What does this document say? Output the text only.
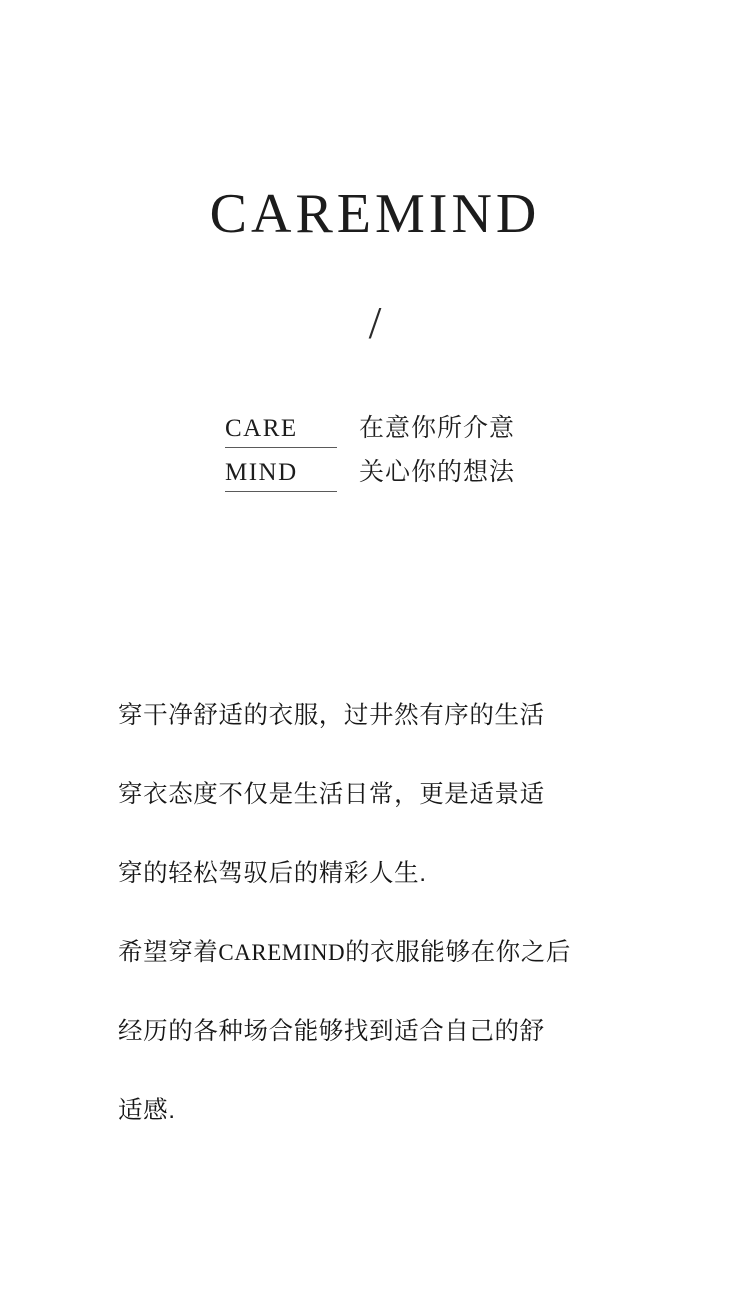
CAREMIND
/
CARE	在意你所介意
MIND	关心你的想法
穿干净舒适的衣服，过井然有序的生活
穿衣态度不仅是生活日常，更是适景适
穿的轻松驾驭后的精彩人生.
希望穿着CAREMIND的衣服能够在你之后
经历的各种场合能够找到适合自己的舒
适感.
